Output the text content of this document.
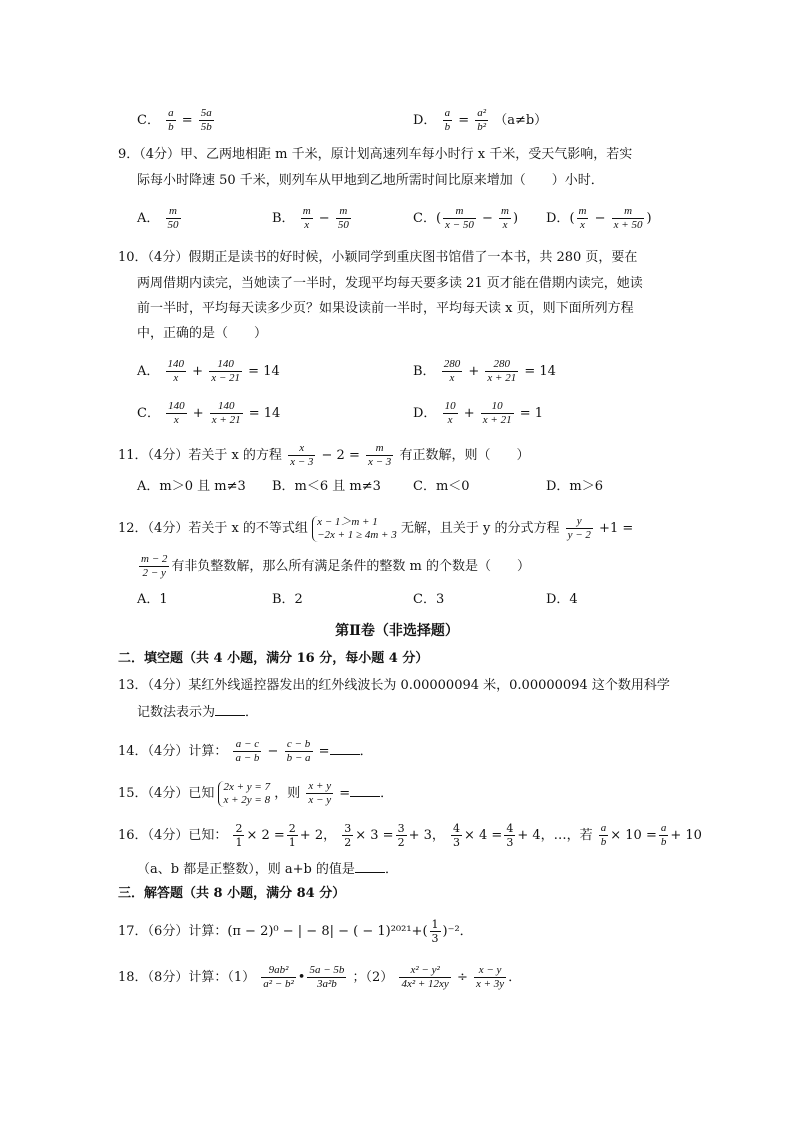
C． $\frac{a}{b} = \frac{5a}{5b}$	D． $\frac{a}{b} = \frac{\text{a²}}{\text{b²}} (a\ne b)$
9．（4分）甲、乙两地相距 m 千米，原计划高速列车每小时行 x 千米，受天气影响，若实
际每小时降速 50 千米，则列车从甲地到乙地所需时间比原来增加（　　）小时．
A． $\frac{m}{50}$	B． $\frac{m}{x} - \frac{m}{50}$	C．( $\frac{m}{x - 50} - \frac{m}{x}$ ) D．( $\frac{m}{x} - \frac{m}{x + 50}$ )
10．（4分）假期正是读书的好时候，小颖同学到重庆图书馆借了一本书，共 280 页，要在
两周借期内读完，当她读了一半时，发现平均每天要多读 21 页才能在借期内读完，她读
前一半时，平均每天读多少页？如果设读前一半时，平均每天读 x 页，则下面所列方程
中，正确的是（　　）
A． $\frac{140}{x} + \frac{140}{x - 21} = 14$	B． $\frac{280}{x} + \frac{280}{x + 21} = 14$
C． $\frac{140}{x} + \frac{140}{x + 21} = 14$	D． $\frac{10}{x} + \frac{10}{x + 21} = 1$
11．（4分）若关于 x 的方程 $\frac{x}{x - 3} - 2 = \frac{m}{x - 3}$ 有正数解，则（　　）
A．m＞0 且 m≠3 B．m＜6 且 m≠3 C．m＜0	D．m＞6
12．（4分）若关于 x 的不等式组 x − 1＞m + 1
−2x + 1 ≥ 4m + 3 无解，且关于 y 的分式方程 $\frac{y}{y - 2} +1$ =
$\frac{m - 2}{2 - y}$ 有非负整数解，那么所有满足条件的整数 m 的个数是（　　）
A．1	B．2	C．3	D．4
第Ⅱ卷（非选择题）
二．填空题（共 4 小题，满分 16 分，每小题 4 分）
13．（4分）某红外线遥控器发出的红外线波长为 0.00000094 米，0.00000094 这个数用科学
记数法表示为 ．
14．（4分）计算： $\frac{a - c}{a - b} - \frac{c - b}{b - a}$ = ．
15．（4分）已知 2x + y = 7
x + 2y = 8 ，则 $\frac{x + y}{x - y}$ = ．
16．（4分）已知： $\frac{2}{1} \times 2 = \frac{2}{1} + 2$， $\frac{3}{2} \times 3 = \frac{3}{2} + 3$， $\frac{4}{3} \times 4 = \frac{4}{3} + 4$，…，若 $\frac{a}{b} \times 10 = \frac{a}{b} + 10$
（a、b 都是正整数），则 a+b 的值是 ．
三．解答题（共 8 小题，满分 84 分）
17．（6分）计算：(π − 2)⁰ − | − 8| − ( − $1)^{2021}+( \frac{1}{3} )^{-2}$．
18．（8分）计算：$(1) \frac{\text{9ab²}}{\text{a² − b²}}$ • $\frac{5a - 5b}{\text{3a²b}}$ ；$(2) \frac{\text{x² − y²}}{\text{4x² + 12xy}} \div \frac{x - y}{x + 3y}$ ．
